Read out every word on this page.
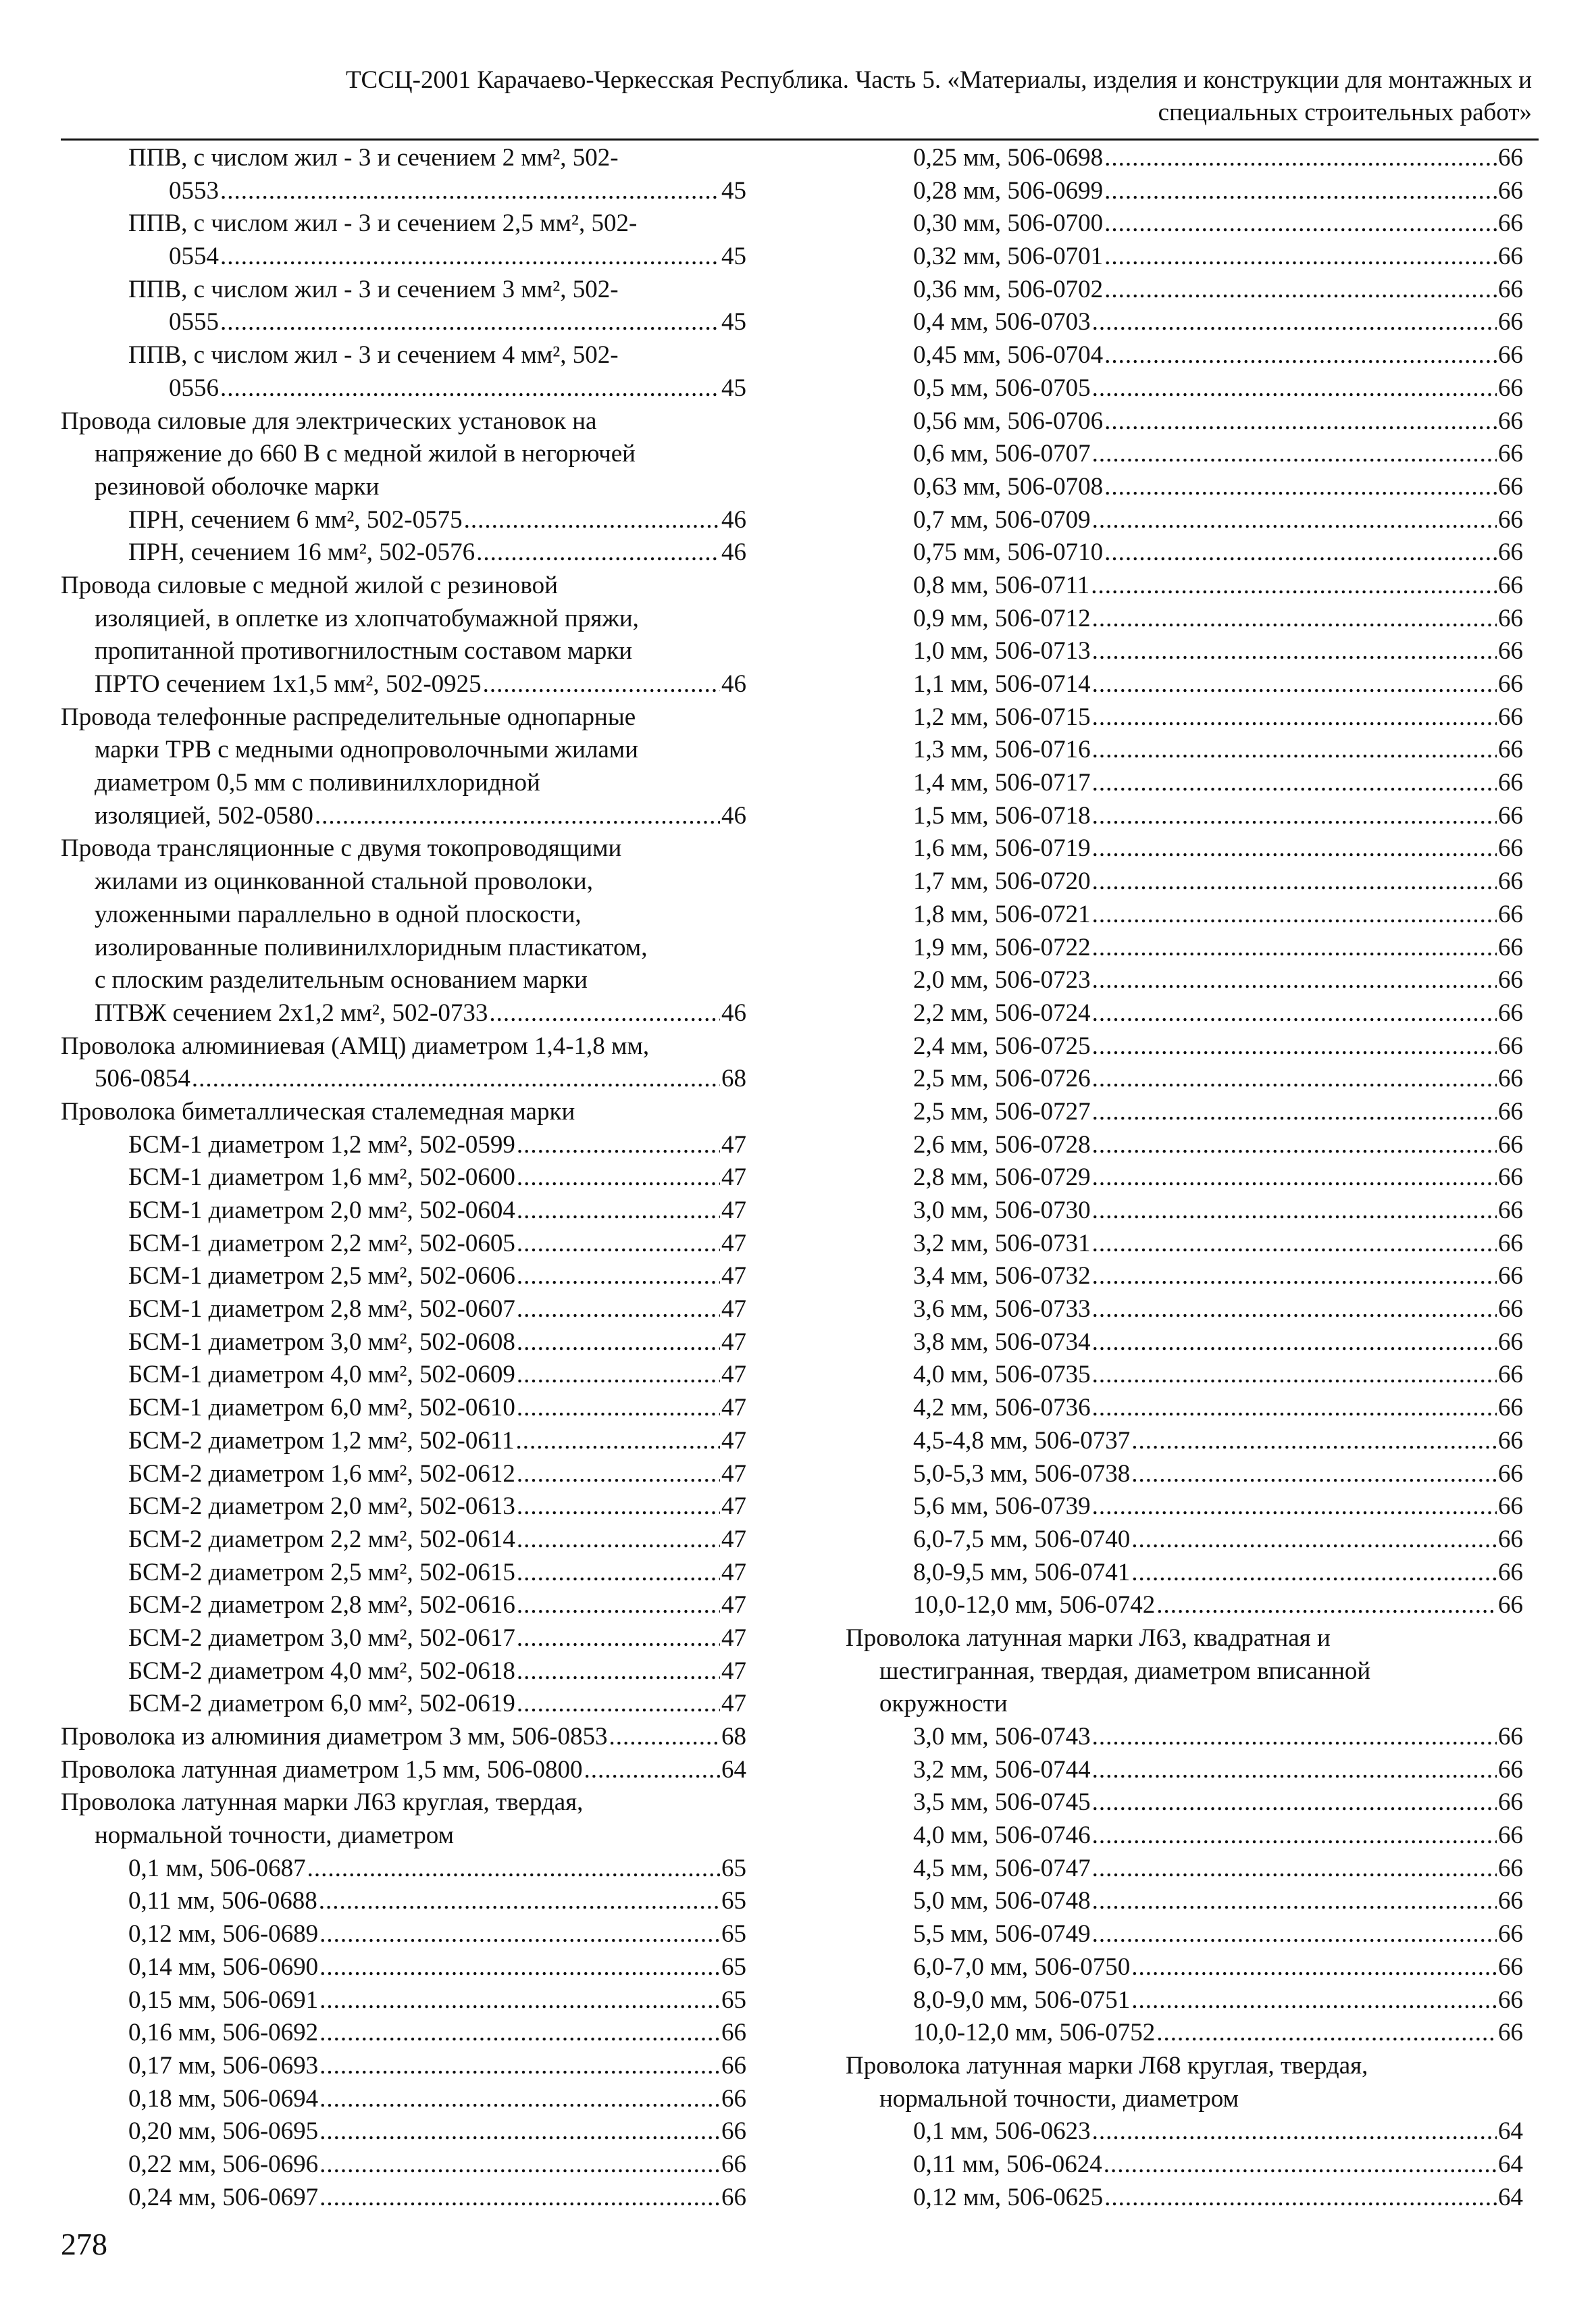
ТССЦ-2001 Карачаево-Черкесская Республика. Часть 5. «Материалы, изделия и конструкции для монтажных и
специальных строительных работ»
ППВ, с числом жил - 3 и сечением 2 мм², 502-
0553 .....	45
ППВ, с числом жил - 3 и сечением 2,5 мм², 502-
0554 .....	45
ППВ, с числом жил - 3 и сечением 3 мм², 502-
0555 .....	45
ППВ, с числом жил - 3 и сечением 4 мм², 502-
0556 .....	45
Провода силовые для электрических установок на
напряжение до 660 В с медной жилой в негорючей
резиновой оболочке марки
ПРН, сечением 6 мм², 502-0575 .....	46
ПРН, сечением 16 мм², 502-0576 .....	46
Провода силовые с медной жилой с резиновой
изоляцией, в оплетке из хлопчатобумажной пряжи,
пропитанной противогнилостным составом марки
ПРТО сечением 1х1,5 мм², 502-0925 .....	46
Провода телефонные распределительные однопарные
марки ТРВ с медными однопроволочными жилами
диаметром 0,5 мм с поливинилхлоридной
изоляцией, 502-0580 .....	46
Провода трансляционные с двумя токопроводящими
жилами из оцинкованной стальной проволоки,
уложенными параллельно в одной плоскости,
изолированные поливинилхлоридным пластикатом,
с плоским разделительным основанием марки
ПТВЖ сечением 2х1,2 мм², 502-0733 .....	46
Проволока алюминиевая (АМЦ) диаметром 1,4-1,8 мм,
506-0854 .....	68
Проволока биметаллическая сталемедная марки
БСМ-1 диаметром 1,2 мм², 502-0599 .....	47
БСМ-1 диаметром 1,6 мм², 502-0600 .....	47
БСМ-1 диаметром 2,0 мм², 502-0604 .....	47
БСМ-1 диаметром 2,2 мм², 502-0605 .....	47
БСМ-1 диаметром 2,5 мм², 502-0606 .....	47
БСМ-1 диаметром 2,8 мм², 502-0607 .....	47
БСМ-1 диаметром 3,0 мм², 502-0608 .....	47
БСМ-1 диаметром 4,0 мм², 502-0609 .....	47
БСМ-1 диаметром 6,0 мм², 502-0610 .....	47
БСМ-2 диаметром 1,2 мм², 502-0611 .....	47
БСМ-2 диаметром 1,6 мм², 502-0612 .....	47
БСМ-2 диаметром 2,0 мм², 502-0613 .....	47
БСМ-2 диаметром 2,2 мм², 502-0614 .....	47
БСМ-2 диаметром 2,5 мм², 502-0615 .....	47
БСМ-2 диаметром 2,8 мм², 502-0616 .....	47
БСМ-2 диаметром 3,0 мм², 502-0617 .....	47
БСМ-2 диаметром 4,0 мм², 502-0618 .....	47
БСМ-2 диаметром 6,0 мм², 502-0619 .....	47
Проволока из алюминия диаметром 3 мм, 506-0853 .....	68
Проволока латунная диаметром 1,5 мм, 506-0800 .....	64
Проволока латунная марки Л63 круглая, твердая,
нормальной точности, диаметром
0,1 мм, 506-0687 .....	65
0,11 мм, 506-0688 .....	65
0,12 мм, 506-0689 .....	65
0,14 мм, 506-0690 .....	65
0,15 мм, 506-0691 .....	65
0,16 мм, 506-0692 .....	66
0,17 мм, 506-0693 .....	66
0,18 мм, 506-0694 .....	66
0,20 мм, 506-0695 .....	66
0,22 мм, 506-0696 .....	66
0,24 мм, 506-0697 .....	66
0,25 мм, 506-0698 .....	66
0,28 мм, 506-0699 .....	66
0,30 мм, 506-0700 .....	66
0,32 мм, 506-0701 .....	66
0,36 мм, 506-0702 .....	66
0,4 мм, 506-0703 .....	66
0,45 мм, 506-0704 .....	66
0,5 мм, 506-0705 .....	66
0,56 мм, 506-0706 .....	66
0,6 мм, 506-0707 .....	66
0,63 мм, 506-0708 .....	66
0,7 мм, 506-0709 .....	66
0,75 мм, 506-0710 .....	66
0,8 мм, 506-0711 .....	66
0,9 мм, 506-0712 .....	66
1,0 мм, 506-0713 .....	66
1,1 мм, 506-0714 .....	66
1,2 мм, 506-0715 .....	66
1,3 мм, 506-0716 .....	66
1,4 мм, 506-0717 .....	66
1,5 мм, 506-0718 .....	66
1,6 мм, 506-0719 .....	66
1,7 мм, 506-0720 .....	66
1,8 мм, 506-0721 .....	66
1,9 мм, 506-0722 .....	66
2,0 мм, 506-0723 .....	66
2,2 мм, 506-0724 .....	66
2,4 мм, 506-0725 .....	66
2,5 мм, 506-0726 .....	66
2,5 мм, 506-0727 .....	66
2,6 мм, 506-0728 .....	66
2,8 мм, 506-0729 .....	66
3,0 мм, 506-0730 .....	66
3,2 мм, 506-0731 .....	66
3,4 мм, 506-0732 .....	66
3,6 мм, 506-0733 .....	66
3,8 мм, 506-0734 .....	66
4,0 мм, 506-0735 .....	66
4,2 мм, 506-0736 .....	66
4,5-4,8 мм, 506-0737 .....	66
5,0-5,3 мм, 506-0738 .....	66
5,6 мм, 506-0739 .....	66
6,0-7,5 мм, 506-0740 .....	66
8,0-9,5 мм, 506-0741 .....	66
10,0-12,0 мм, 506-0742 .....	66
Проволока латунная марки Л63, квадратная и
шестигранная, твердая, диаметром вписанной
окружности
3,0 мм, 506-0743 .....	66
3,2 мм, 506-0744 .....	66
3,5 мм, 506-0745 .....	66
4,0 мм, 506-0746 .....	66
4,5 мм, 506-0747 .....	66
5,0 мм, 506-0748 .....	66
5,5 мм, 506-0749 .....	66
6,0-7,0 мм, 506-0750 .....	66
8,0-9,0 мм, 506-0751 .....	66
10,0-12,0 мм, 506-0752 .....	66
Проволока латунная марки Л68 круглая, твердая,
нормальной точности, диаметром
0,1 мм, 506-0623 .....	64
0,11 мм, 506-0624 .....	64
0,12 мм, 506-0625 .....	64
278
